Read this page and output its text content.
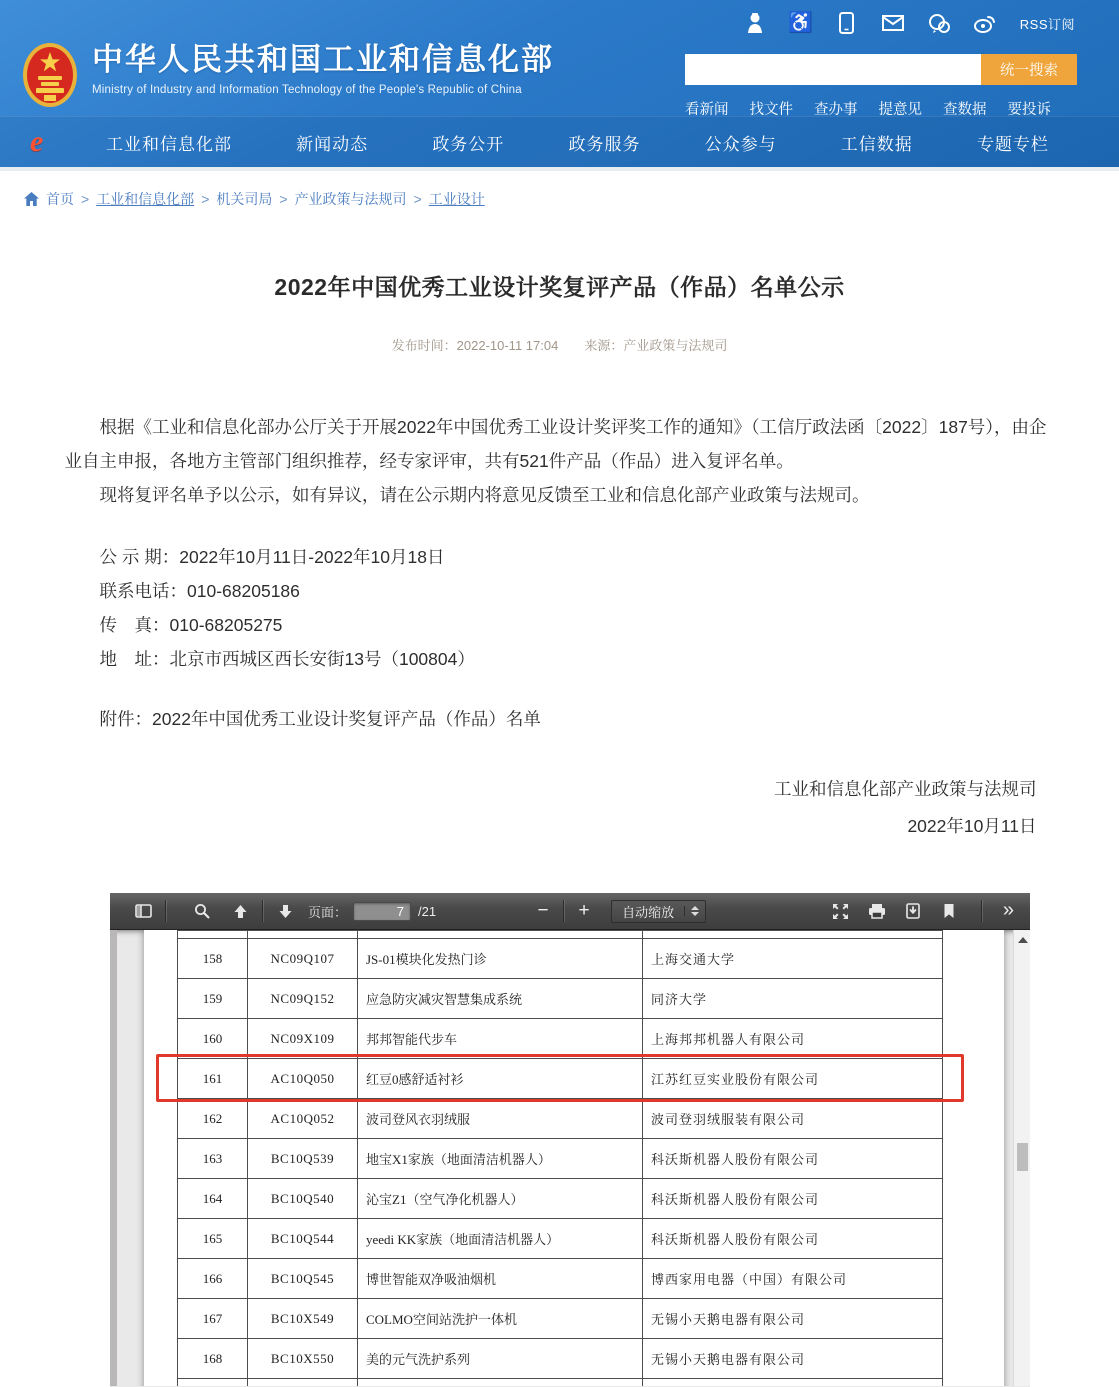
♿	RSS订阅
中华人民共和国工业和信息化部
Ministry of Industry and Information Technology of the People's Republic of China
统一搜索
看新闻 找文件 查办事 提意见 查数据 要投诉
e	工业和信息化部	新闻动态	政务公开	政务服务	公众参与	工信数据	专题专栏
首页 > 工业和信息化部 > 机关司局 > 产业政策与法规司 > 工业设计
2022年中国优秀工业设计奖复评产品（作品）名单公示
发布时间：2022-10-11 17:04 来源：产业政策与法规司

根据《工业和信息化部办公厅关于开展2022年中国优秀工业设计奖评奖工作的通知》（工信厅政法函〔2022〕187号），由企业自主申报，各地方主管部门组织推荐，经专家评审，共有521件产品（作品）进入复评名单。

现将复评名单予以公示，如有异议，请在公示期内将意见反馈至工业和信息化部产业政策与法规司。

公 示 期：2022年10月11日-2022年10月18日
联系电话：010-68205186
传　真：010-68205275
地　址：北京市西城区西长安街13号（100804）
附件：2022年中国优秀工业设计奖复评产品（作品）名单
工业和信息化部产业政策与法规司
2022年10月11日
页面：
7	/21	− +	自动缩放	»

158	NC09Q107	JS-01模块化发热门诊	上海交通大学
159	NC09Q152	应急防灾减灾智慧集成系统	同济大学
160	NC09X109	邦邦智能代步车	上海邦邦机器人有限公司
161	AC10Q050	红豆0感舒适衬衫	江苏红豆实业股份有限公司
162	AC10Q052	波司登风衣羽绒服	波司登羽绒服装有限公司
163	BC10Q539	地宝X1家族（地面清洁机器人）	科沃斯机器人股份有限公司
164	BC10Q540	沁宝Z1（空气净化机器人）	科沃斯机器人股份有限公司
165	BC10Q544	yeedi KK家族（地面清洁机器人）	科沃斯机器人股份有限公司
166	BC10Q545	博世智能双净吸油烟机	博西家用电器（中国）有限公司
167	BC10X549	COLMO空间站洗护一体机	无锡小天鹅电器有限公司
168	BC10X550	美的元气洗护系列	无锡小天鹅电器有限公司
